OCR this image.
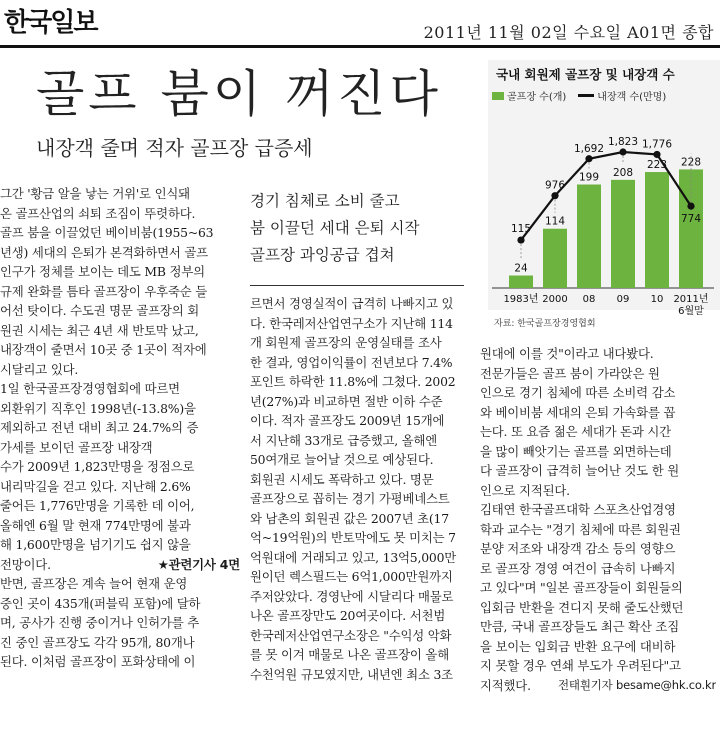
한국일보	2011년 11월 02일 수요일 A01면 종합
골프 붐이 꺼진다
내장객 줄며 적자 골프장 급증세

경기 침체로 소비 줄고

붐 이끌던 세대 은퇴 시작

골프장 과잉공급 겹쳐

그간 '황금 알을 낳는 거위'로 인식돼

온 골프산업의 쇠퇴 조짐이 뚜렷하다.

골프 붐을 이끌었던 베이비붐(1955~63

년생) 세대의 은퇴가 본격화하면서 골프

인구가 정체를 보이는 데도 MB 정부의

규제 완화를 틈타 골프장이 우후죽순 들

어선 탓이다. 수도권 명문 골프장의 회

원권 시세는 최근 4년 새 반토막 났고,

내장객이 줄면서 10곳 중 1곳이 적자에

시달리고 있다.

1일 한국골프장경영협회에 따르면

외환위기 직후인 1998년(-13.8%)을

제외하고 전년 대비 최고 24.7%의 증

가세를 보이던 골프장 내장객

수가 2009년 1,823만명을 정점으로

내리막길을 걷고 있다. 지난해 2.6%

줄어든 1,776만명을 기록한 데 이어,

올해엔 6월 말 현재 774만명에 불과

해 1,600만명을 넘기기도 쉽지 않을

전망이다.	★관련기사 4면

반면, 골프장은 계속 늘어 현재 운영

중인 곳이 435개(퍼블릭 포함)에 달하

며, 공사가 진행 중이거나 인허가를 추

진 중인 골프장도 각각 95개, 80개나

된다. 이처럼 골프장이 포화상태에 이

르면서 경영실적이 급격히 나빠지고 있

다. 한국레저산업연구소가 지난해 114

개 회원제 골프장의 운영실태를 조사

한 결과, 영업이익률이 전년보다 7.4%

포인트 하락한 11.8%에 그쳤다. 2002

년(27%)과 비교하면 절반 이하 수준

이다. 적자 골프장도 2009년 15개에

서 지난해 33개로 급증했고, 올해엔

50여개로 늘어날 것으로 예상된다.

회원권 시세도 폭락하고 있다. 명문

골프장으로 꼽히는 경기 가평베네스트

와 남촌의 회원권 값은 2007년 초(17

억~19억원)의 반토막에도 못 미치는 7

억원대에 거래되고 있고, 13억5,000만

원이던 렉스필드는 6억1,000만원까지

주저앉았다. 경영난에 시달리다 매물로

나온 골프장만도 20여곳이다. 서천범

한국레저산업연구소장은 "수익성 악화

를 못 이겨 매물로 나온 골프장이 올해

수천억원 규모였지만, 내년엔 최소 3조

원대에 이를 것"이라고 내다봤다.

전문가들은 골프 붐이 가라앉은 원

인으로 경기 침체에 따른 소비력 감소

와 베이비붐 세대의 은퇴 가속화를 꼽

는다. 또 요즘 젊은 세대가 돈과 시간

을 많이 빼앗기는 골프를 외면하는데

다 골프장이 급격히 늘어난 것도 한 원

인으로 지적된다.

김태연 한국골프대학 스포츠산업경영

학과 교수는 "경기 침체에 따른 회원권

분양 저조와 내장객 감소 등의 영향으

로 골프장 경영 여건이 급속히 나빠지

고 있다"며 "일본 골프장들이 회원들의

입회금 반환을 견디지 못해 줄도산했던

만큼, 국내 골프장들도 최근 확산 조짐

을 보이는 입회금 반환 요구에 대비하

지 못할 경우 연쇄 부도가 우려된다"고

지적했다.	전태훤기자 besame@hk.co.kr

24
1983년
114
2000
199
08
208
09
223
10
228
2011년
6월말
115
976
1,692
1,823 1,776
774
국내 회원제 골프장 및 내장객 수
골프장 수(개)	내장객 수(만명)
자료: 한국골프장경영협회
